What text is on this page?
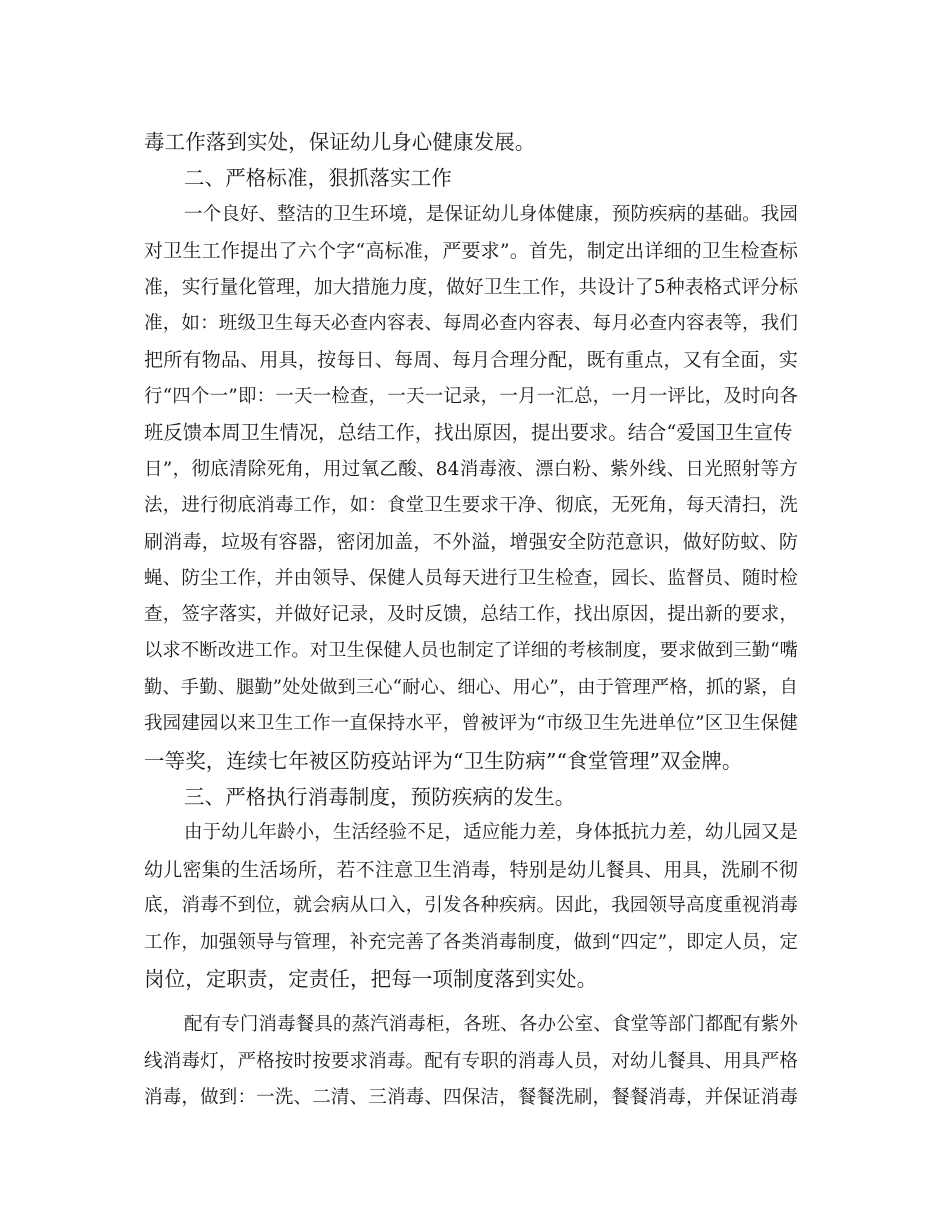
毒工作落到实处，保证幼儿身心健康发展。
二、严格标准，狠抓落实工作
一个良好、整洁的卫生环境，是保证幼儿身体健康，预防疾病的基础。我园
对卫生工作提出了六个字“高标准，严要求”。首先，制定出详细的卫生检查标
准，实行量化管理，加大措施力度，做好卫生工作，共设计了5种表格式评分标
准，如：班级卫生每天必查内容表、每周必查内容表、每月必查内容表等，我们
把所有物品、用具，按每日、每周、每月合理分配，既有重点，又有全面，实
行“四个一”即：一天一检查，一天一记录，一月一汇总，一月一评比，及时向各
班反馈本周卫生情况，总结工作，找出原因，提出要求。结合“爱国卫生宣传
日”，彻底清除死角，用过氧乙酸、84消毒液、漂白粉、紫外线、日光照射等方
法，进行彻底消毒工作，如：食堂卫生要求干净、彻底，无死角，每天清扫，洗
刷消毒，垃圾有容器，密闭加盖，不外溢，增强安全防范意识，做好防蚊、防
蝇、防尘工作，并由领导、保健人员每天进行卫生检查，园长、监督员、随时检
查，签字落实，并做好记录，及时反馈，总结工作，找出原因，提出新的要求，
以求不断改进工作。对卫生保健人员也制定了详细的考核制度，要求做到三勤“嘴
勤、手勤、腿勤”处处做到三心“耐心、细心、用心”，由于管理严格，抓的紧，自
我园建园以来卫生工作一直保持水平，曾被评为“市级卫生先进单位”区卫生保健
一等奖，连续七年被区防疫站评为“卫生防病”“食堂管理”双金牌。
三、严格执行消毒制度，预防疾病的发生。
由于幼儿年龄小，生活经验不足，适应能力差，身体抵抗力差，幼儿园又是
幼儿密集的生活场所，若不注意卫生消毒，特别是幼儿餐具、用具，洗刷不彻
底，消毒不到位，就会病从口入，引发各种疾病。因此，我园领导高度重视消毒
工作，加强领导与管理，补充完善了各类消毒制度，做到“四定”，即定人员，定
岗位，定职责，定责任，把每一项制度落到实处。
配有专门消毒餐具的蒸汽消毒柜，各班、各办公室、食堂等部门都配有紫外
线消毒灯，严格按时按要求消毒。配有专职的消毒人员，对幼儿餐具、用具严格
消毒，做到：一洗、二清、三消毒、四保洁，餐餐洗刷，餐餐消毒，并保证消毒
